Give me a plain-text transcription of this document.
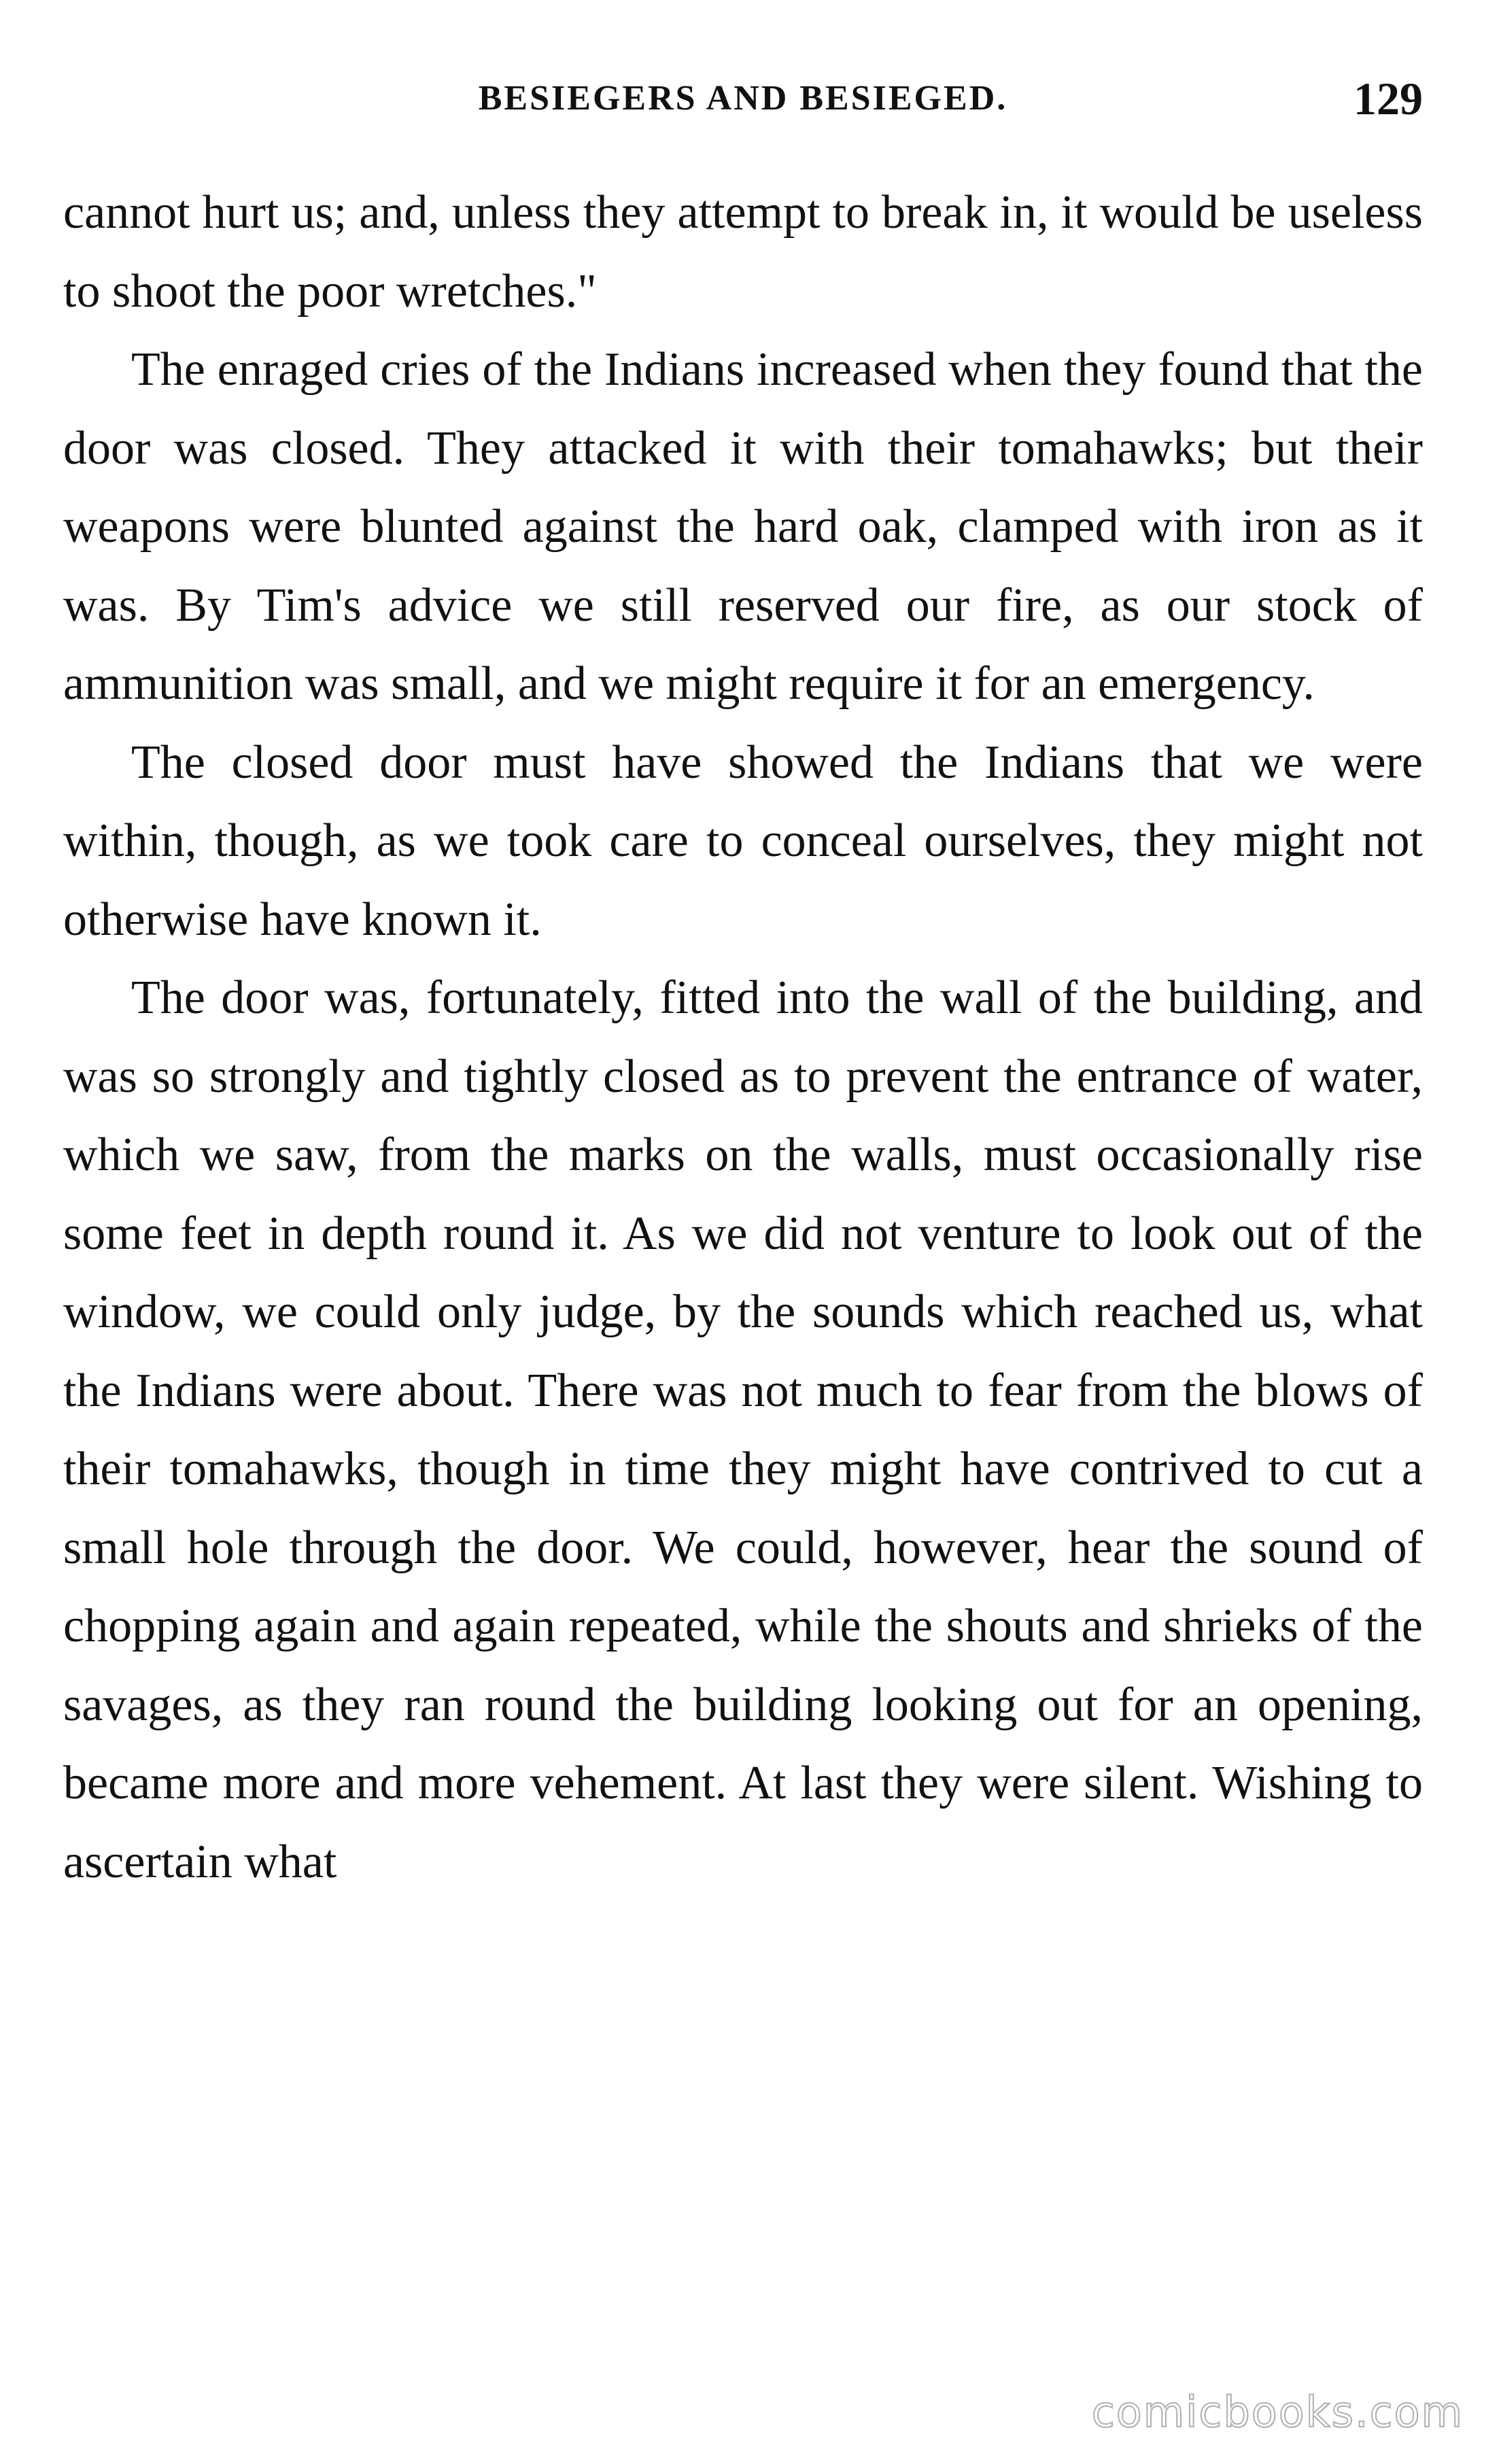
BESIEGERS AND BESIEGED.	129

cannot hurt us; and, unless they attempt to break in, it would be useless to shoot the poor wretches."

The enraged cries of the Indians increased when they found that the door was closed. They attacked it with their tomahawks; but their weapons were blunted against the hard oak, clamped with iron as it was. By Tim's advice we still reserved our fire, as our stock of ammunition was small, and we might require it for an emergency.

The closed door must have showed the Indians that we were within, though, as we took care to conceal ourselves, they might not otherwise have known it.

The door was, fortunately, fitted into the wall of the building, and was so strongly and tightly closed as to prevent the entrance of water, which we saw, from the marks on the walls, must occasionally rise some feet in depth round it. As we did not venture to look out of the window, we could only judge, by the sounds which reached us, what the Indians were about. There was not much to fear from the blows of their tomahawks, though in time they might have contrived to cut a small hole through the door. We could, however, hear the sound of chopping again and again repeated, while the shouts and shrieks of the savages, as they ran round the building looking out for an opening, became more and more vehement. At last they were silent. Wishing to ascertain what

comicbooks.com
